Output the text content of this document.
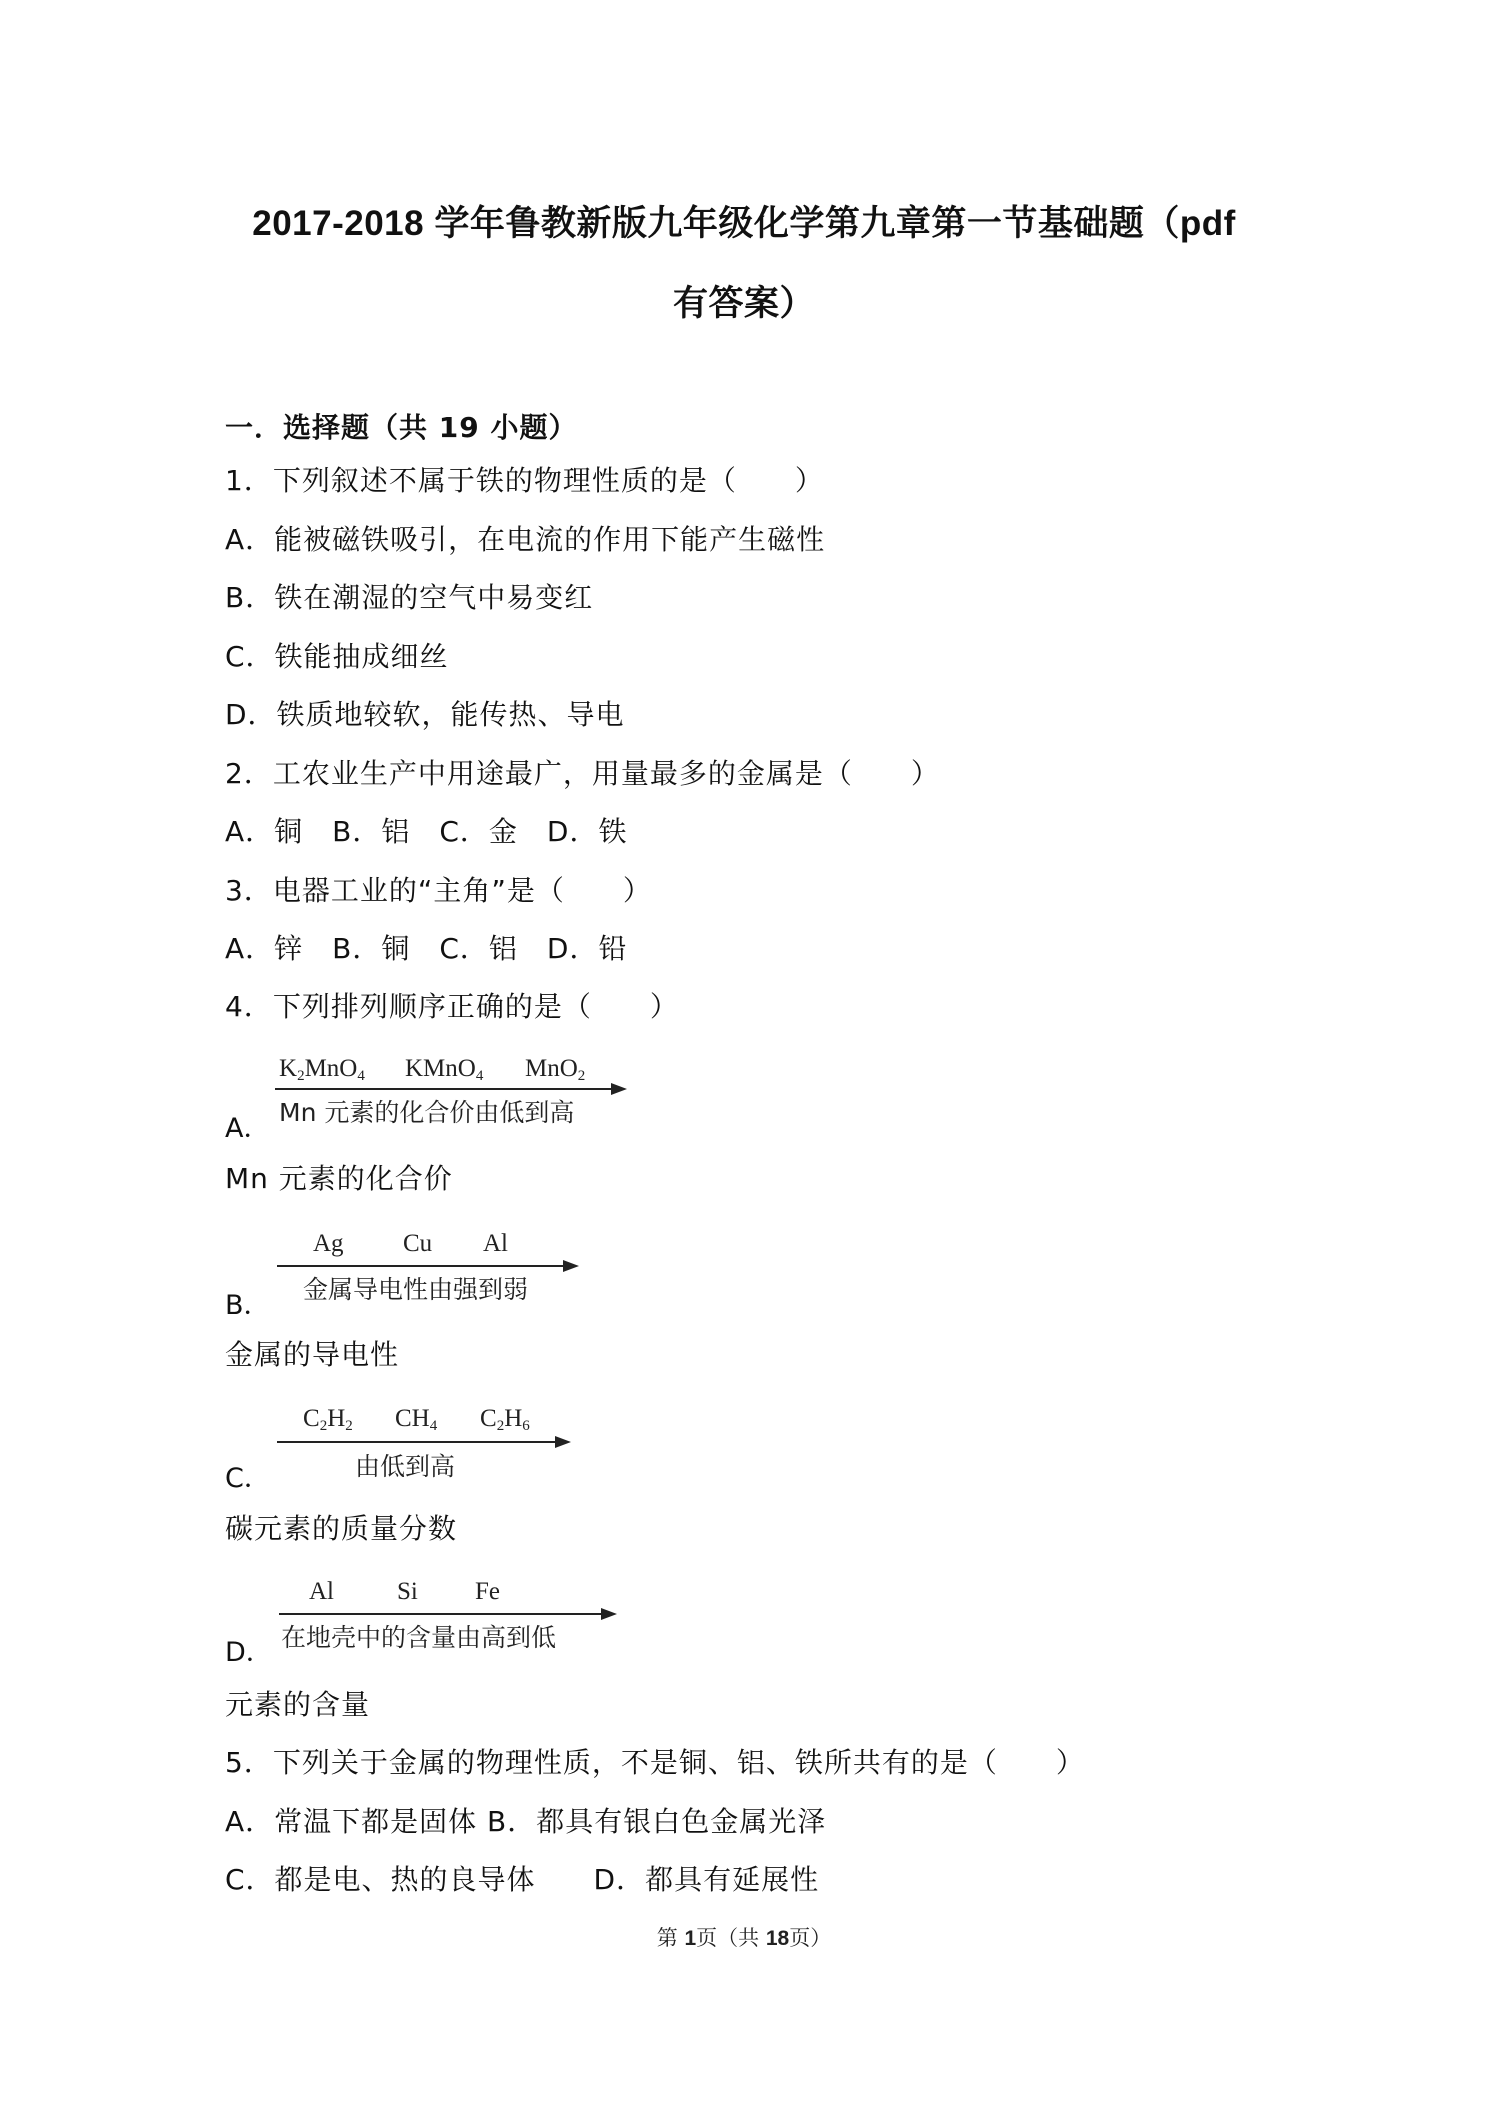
2017-2018 学年鲁教新版九年级化学第九章第一节基础题（pdf
有答案）
一．选择题（共 19 小题）
1．下列叙述不属于铁的物理性质的是（　　）
A．能被磁铁吸引，在电流的作用下能产生磁性
B．铁在潮湿的空气中易变红
C．铁能抽成细丝
D．铁质地较软，能传热、导电
2．工农业生产中用途最广，用量最多的金属是（　　）
A．铜　B．铝　C．金　D．铁
3．电器工业的“主角”是（　　）
A．锌　B．铜　C．铝　D．铅
4．下列排列顺序正确的是（　　）
A．
$K_2MnO_4$ KMnO$_4$ MnO$_2$
Mn 元素的化合价由低到高
Mn 元素的化合价
B．
Ag Cu Al
金属导电性由强到弱
金属的导电性
C．
$C_2H_2$ $CH_4$ $C_2H_6$
由低到高
碳元素的质量分数
D．
Al	Si Fe
在地壳中的含量由高到低
元素的含量
5．下列关于金属的物理性质，不是铜、铝、铁所共有的是（　　）
A．常温下都是固体 B．都具有银白色金属光泽
C．都是电、热的良导体　　D．都具有延展性
第 1页（共 18页）
